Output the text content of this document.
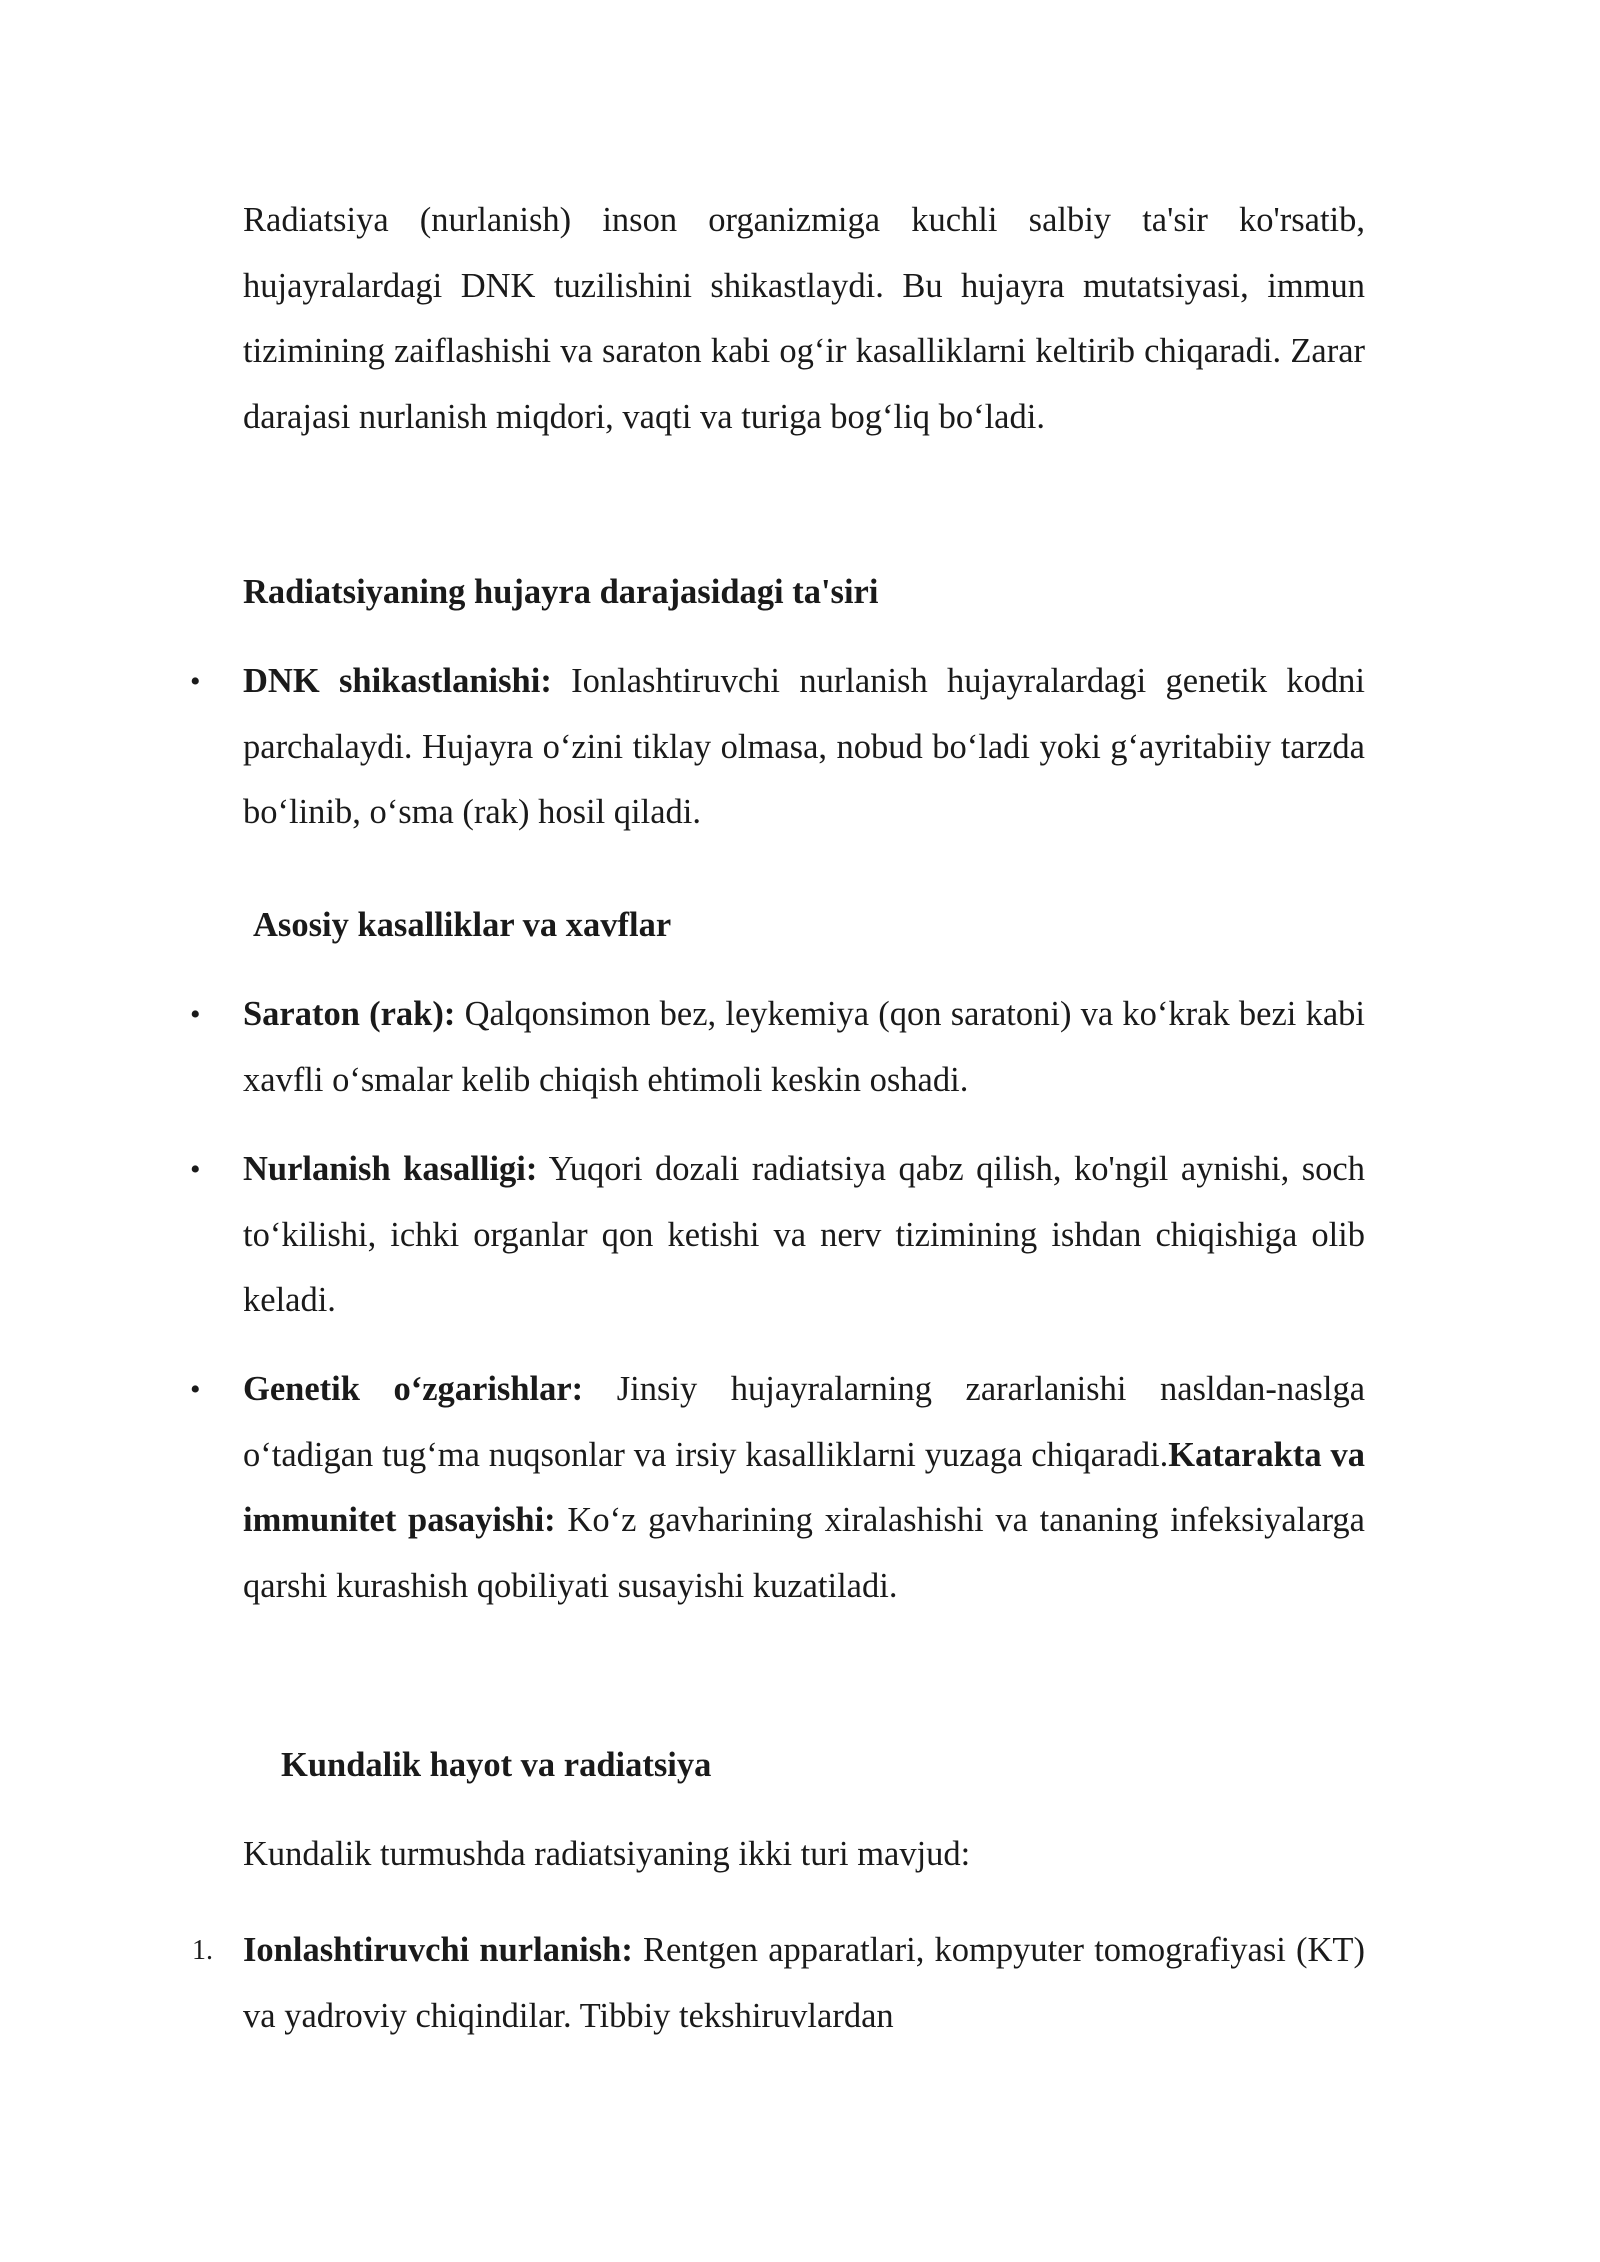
Radiatsiya (nurlanish) inson organizmiga kuchli salbiy ta'sir ko'rsatib, hujayralardagi DNK tuzilishini shikastlaydi. Bu hujayra mutatsiyasi, immun tizimining zaiflashishi va saraton kabi og‘ir kasalliklarni keltirib chiqaradi. Zarar darajasi nurlanish miqdori, vaqti va turiga bog‘liq bo‘ladi.

Radiatsiyaning hujayra darajasidagi ta'siri
• DNK shikastlanishi: Ionlashtiruvchi nurlanish hujayralardagi genetik kodni parchalaydi. Hujayra o‘zini tiklay olmasa, nobud bo‘ladi yoki g‘ayritabiiy tarzda bo‘linib, o‘sma (rak) hosil qiladi.

Asosiy kasalliklar va xavflar
• Saraton (rak): Qalqonsimon bez, leykemiya (qon saratoni) va ko‘krak bezi kabi xavfli o‘smalar kelib chiqish ehtimoli keskin oshadi.

• Nurlanish kasalligi: Yuqori dozali radiatsiya qabz qilish, ko'ngil aynishi, soch to‘kilishi, ichki organlar qon ketishi va nerv tizimining ishdan chiqishiga olib keladi.

• Genetik o‘zgarishlar: Jinsiy hujayralarning zararlanishi nasldan-naslga o‘tadigan tug‘ma nuqsonlar va irsiy kasalliklarni yuzaga chiqaradi.Katarakta va immunitet pasayishi: Ko‘z gavharining xiralashishi va tananing infeksiyalarga qarshi kurashish qobiliyati susayishi kuzatiladi.

Kundalik hayot va radiatsiya

Kundalik turmushda radiatsiyaning ikki turi mavjud:

1. Ionlashtiruvchi nurlanish: Rentgen apparatlari, kompyuter tomografiyasi (KT) va yadroviy chiqindilar. Tibbiy tekshiruvlardan
